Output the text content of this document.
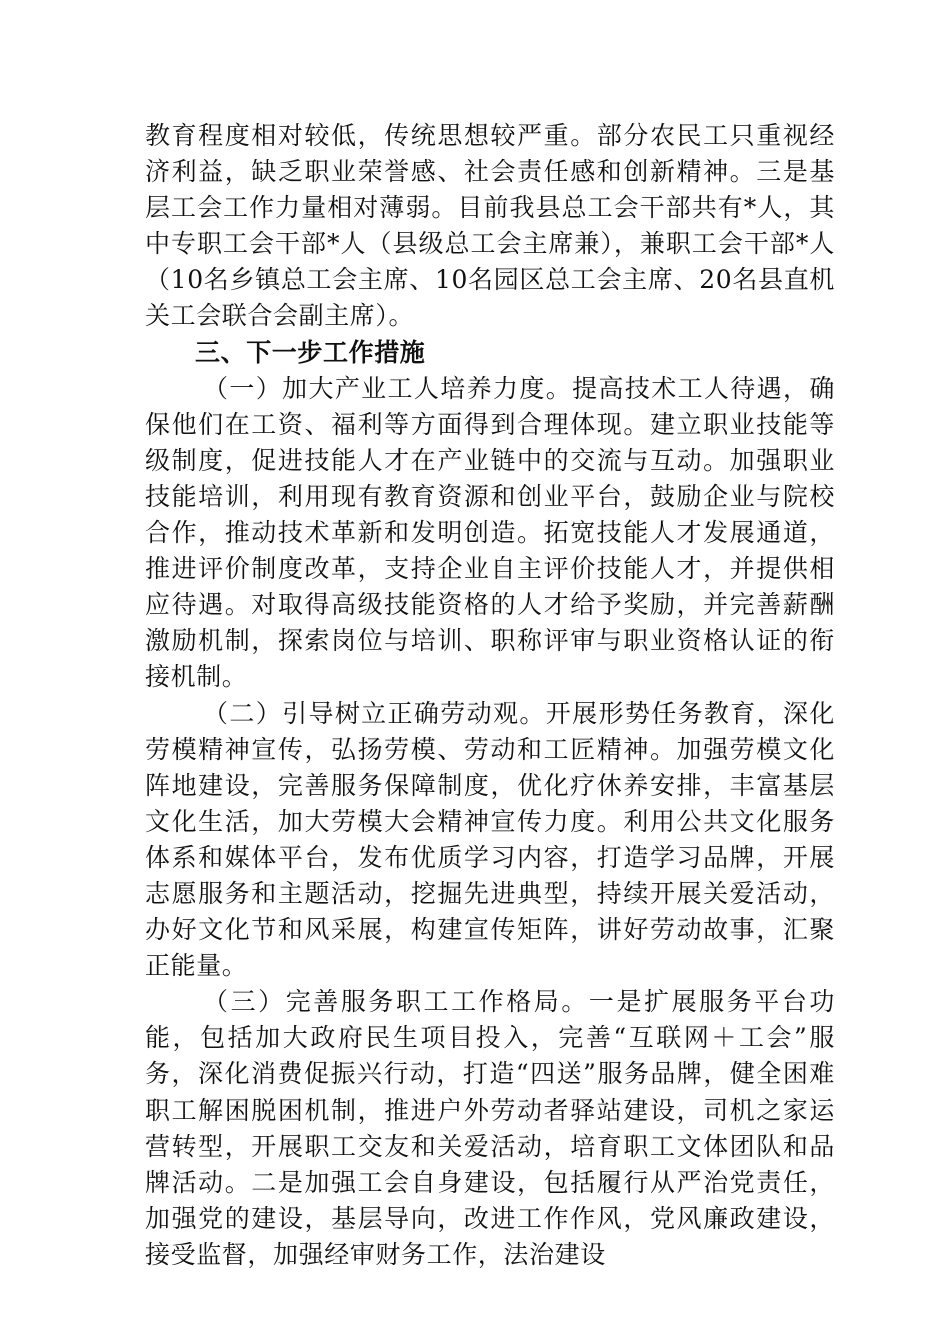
教育程度相对较低，传统思想较严重。部分农民工只重视经济利益，缺乏职业荣誉感、社会责任感和创新精神。三是基层工会工作力量相对薄弱。目前我县总工会干部共有*人，其中专职工会干部*人（县级总工会主席兼），兼职工会干部*人（10名乡镇总工会主席、10名园区总工会主席、20名县直机关工会联合会副主席）。

三、下一步工作措施

（一）加大产业工人培养力度。提高技术工人待遇，确保他们在工资、福利等方面得到合理体现。建立职业技能等级制度，促进技能人才在产业链中的交流与互动。加强职业技能培训，利用现有教育资源和创业平台，鼓励企业与院校合作，推动技术革新和发明创造。拓宽技能人才发展通道，推进评价制度改革，支持企业自主评价技能人才，并提供相应待遇。对取得高级技能资格的人才给予奖励，并完善薪酬激励机制，探索岗位与培训、职称评审与职业资格认证的衔接机制。

（二）引导树立正确劳动观。开展形势任务教育，深化劳模精神宣传，弘扬劳模、劳动和工匠精神。加强劳模文化阵地建设，完善服务保障制度，优化疗休养安排，丰富基层文化生活，加大劳模大会精神宣传力度。利用公共文化服务体系和媒体平台，发布优质学习内容，打造学习品牌，开展志愿服务和主题活动，挖掘先进典型，持续开展关爱活动，办好文化节和风采展，构建宣传矩阵，讲好劳动故事，汇聚正能量。

（三）完善服务职工工作格局。一是扩展服务平台功能，包括加大政府民生项目投入，完善“互联网＋工会”服务，深化消费促振兴行动，打造“四送”服务品牌，健全困难职工解困脱困机制，推进户外劳动者驿站建设，司机之家运营转型，开展职工交友和关爱活动，培育职工文体团队和品牌活动。二是加强工会自身建设，包括履行从严治党责任，加强党的建设，基层导向，改进工作作风，党风廉政建设，接受监督，加强经审财务工作，法治建设
